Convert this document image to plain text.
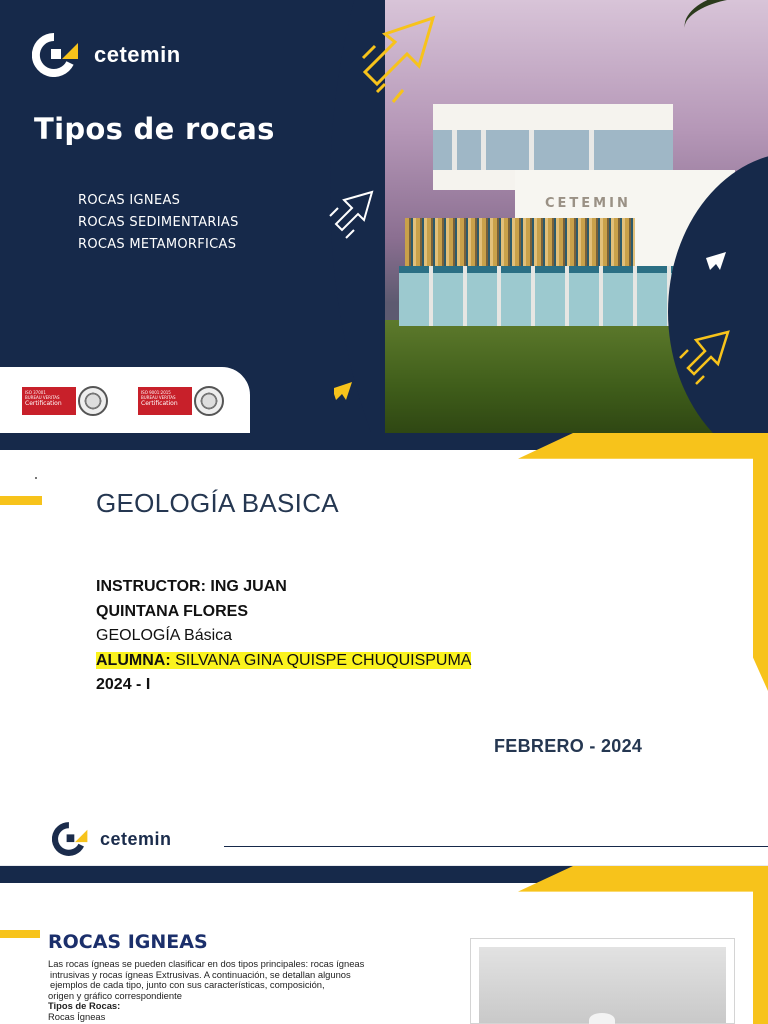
CETEMIN
cetemin
Tipos de rocas
ROCAS IGNEAS
ROCAS SEDIMENTARIAS
ROCAS METAMORFICAS
ISO 37001
BUREAU VERITAS
Certification
ISO 9001:2015
BUREAU VERITAS
Certification
GEOLOGÍA BASICA

INSTRUCTOR: ING JUAN

QUINTANA FLORES

GEOLOGÍA Básica

ALUMNA: SILVANA GINA QUISPE CHUQUISPUMA

2024 - I

FEBRERO - 2024
cetemin
ROCAS IGNEAS
Las rocas ígneas se pueden clasificar en dos tipos principales: rocas ígneas
intrusivas y rocas ígneas Extrusivas. A continuación, se detallan algunos
ejemplos de cada tipo, junto con sus características, composición,
origen y gráfico correspondiente
Tipos de Rocas:
Rocas Ígneas
